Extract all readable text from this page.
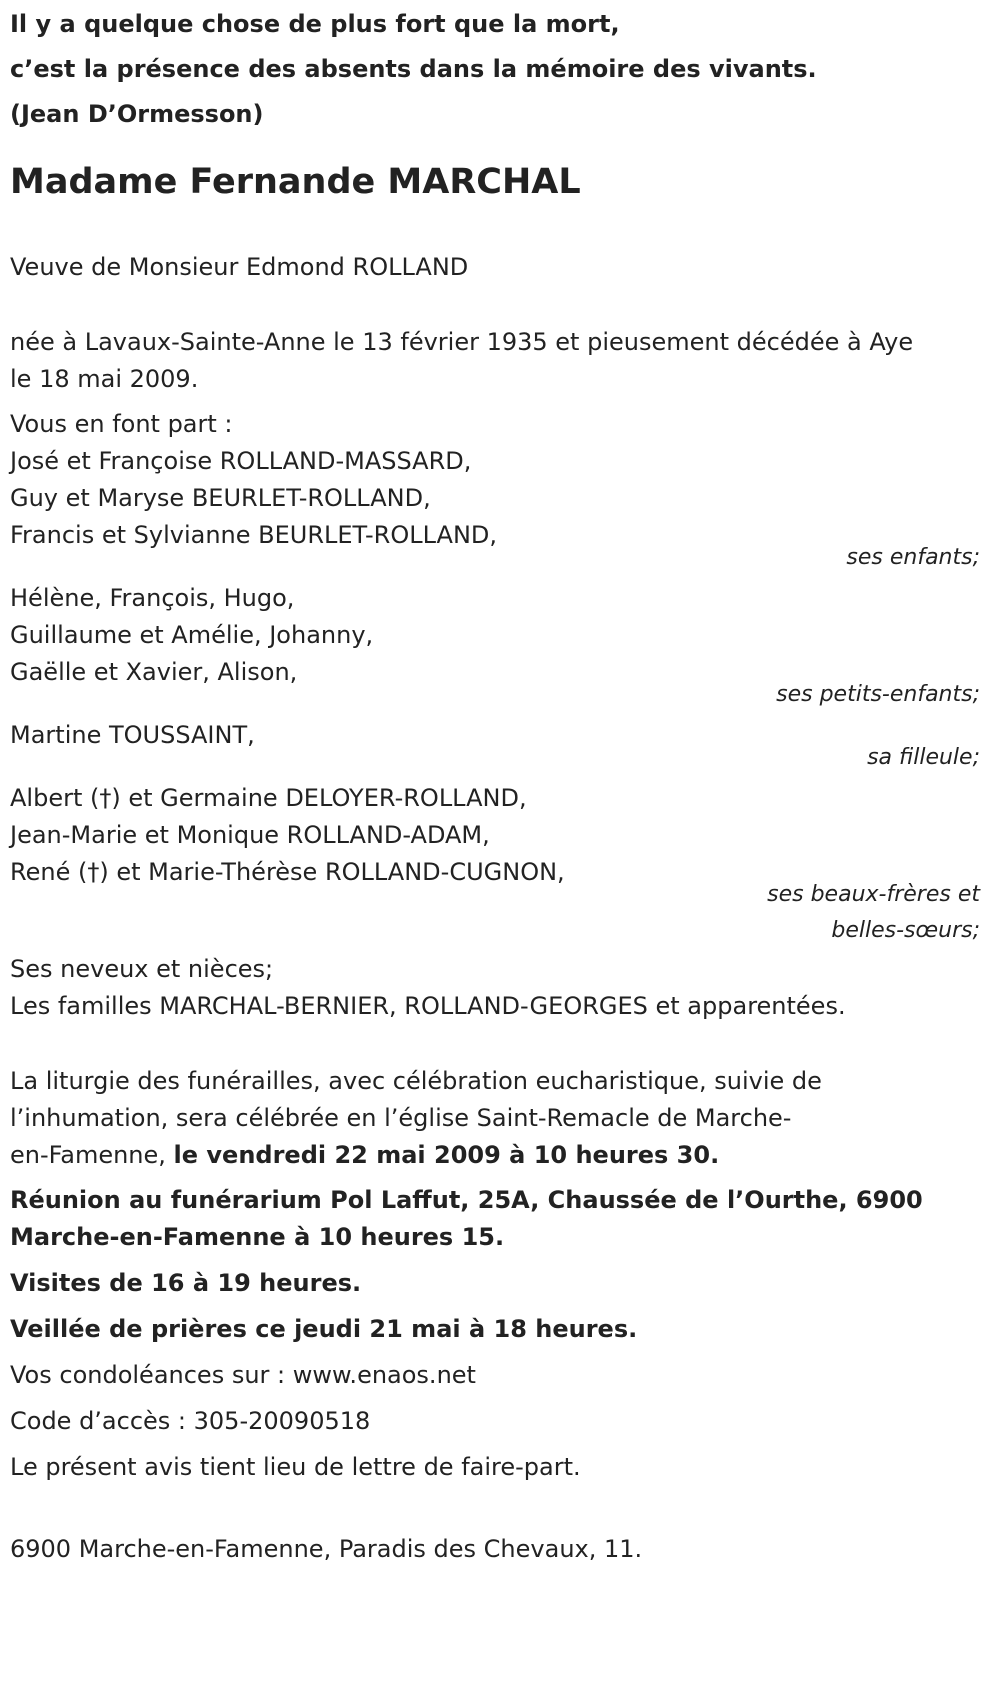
Il y a quelque chose de plus fort que la mort,
c’est la présence des absents dans la mémoire des vivants.
(Jean D’Ormesson)
Madame Fernande MARCHAL
Veuve de Monsieur Edmond ROLLAND
née à Lavaux-Sainte-Anne le 13 février 1935 et pieusement décédée à Aye
le 18 mai 2009.
Vous en font part :
José et Françoise ROLLAND-MASSARD,
Guy et Maryse BEURLET-ROLLAND,
Francis et Sylvianne BEURLET-ROLLAND,
ses enfants;
Hélène, François, Hugo,
Guillaume et Amélie, Johanny,
Gaëlle et Xavier, Alison,
ses petits-enfants;
Martine TOUSSAINT,
sa filleule;
Albert (†) et Germaine DELOYER-ROLLAND,
Jean-Marie et Monique ROLLAND-ADAM,
René (†) et Marie-Thérèse ROLLAND-CUGNON,
ses beaux-frères et
belles-sœurs;
Ses neveux et nièces;
Les familles MARCHAL-BERNIER, ROLLAND-GEORGES et apparentées.
La liturgie des funérailles, avec célébration eucharistique, suivie de
l’inhumation, sera célébrée en l’église Saint-Remacle de Marche-
en-Famenne, le vendredi 22 mai 2009 à 10 heures 30.
Réunion au funérarium Pol Laffut, 25A, Chaussée de l’Ourthe, 6900
Marche-en-Famenne à 10 heures 15.
Visites de 16 à 19 heures.
Veillée de prières ce jeudi 21 mai à 18 heures.
Vos condoléances sur : www.enaos.net
Code d’accès : 305-20090518
Le présent avis tient lieu de lettre de faire-part.
6900 Marche-en-Famenne, Paradis des Chevaux, 11.
